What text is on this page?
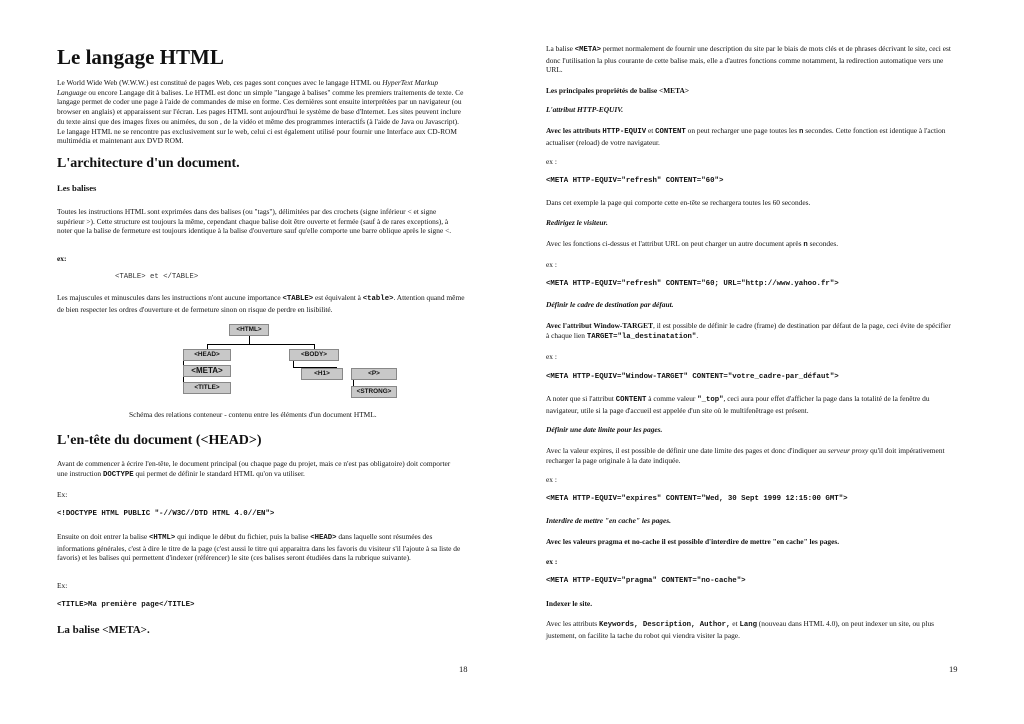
Le langage HTML

Le World Wide Web (W.W.W.) est constitué de pages Web, ces pages sont conçues avec le langage HTML ou HyperText Markup Language ou encore Langage dit à balises. Le HTML est donc un simple "langage à balises" comme les premiers traitements de texte. Ce langage permet de coder une page à l'aide de commandes de mise en forme. Ces dernières sont ensuite interprétées par un navigateur (ou browser en anglais) et apparaissent sur l'écran. Les pages HTML sont aujourd'hui le système de base d'Internet. Les sites peuvent inclure du texte ainsi que des images fixes ou animées, du son , de la vidéo et même des programmes interactifs (à l'aide de Java ou Javascript). Le langage HTML ne se rencontre pas exclusivement sur le web, celui ci est également utilisé pour fournir une Interface aux CD-ROM multimédia et maintenant aux DVD ROM.

L'architecture d'un document.
Les balises

Toutes les instructions HTML sont exprimées dans des balises (ou "tags"), délimitées par des crochets (signe inférieur < et signe supérieur >). Cette structure est toujours la même, cependant chaque balise doit être ouverte et fermée (sauf à de rares exceptions), à noter que la balise de fermeture est toujours identique à la balise d'ouverture sauf qu'elle comporte une barre oblique après le signe <.

ex:
<TABLE> et </TABLE>

Les majuscules et minuscules dans les instructions n'ont aucune importance <TABLE> est équivalent à <table>. Attention quand même de bien respecter les ordres d'ouverture et de fermeture sinon on risque de perdre en lisibilité.

<HTML>
<HEAD>	<BODY>
<META>
<TITLE>
<H1>	<P>
<STRONG>
Schéma des relations conteneur - contenu entre les éléments d'un document HTML.
L'en-tête du document (<HEAD>)

Avant de commencer à écrire l'en-tête, le document principal (ou chaque page du projet, mais ce n'est pas obligatoire) doit comporter une instruction DOCTYPE qui permet de définir le standard HTML qu'on va utiliser.

Ex:
<!DOCTYPE HTML PUBLIC "-//W3C//DTD HTML 4.0//EN">

Ensuite on doit entrer la balise <HTML> qui indique le début du fichier, puis la balise <HEAD> dans laquelle sont résumées des informations générales, c'est à dire le titre de la page (c'est aussi le titre qui apparaitra dans les favoris du visiteur s'il l'ajoute à sa liste de favoris) et les balises qui permettent d'indexer (référencer) le site (ces balises seront étudiées dans la rubrique suivante).

Ex:
<TITLE>Ma première page</TITLE>
La balise <META>.
18

La balise <META> permet normalement de fournir une description du site par le biais de mots clés et de phrases décrivant le site, ceci est donc l'utilisation la plus courante de cette balise mais, elle a d'autres fonctions comme notamment, la redirection automatique vers une URL.

Les principales propriétés de balise <META>
L'attribut HTTP-EQUIV.

Avec les attributs HTTP-EQUIV et CONTENT on peut recharger une page toutes les n secondes. Cette fonction est identique à l'action actualiser (reload) de votre navigateur.

ex :
<META HTTP-EQUIV="refresh" CONTENT="60">
Dans cet exemple la page qui comporte cette en-tête se rechargera toutes les 60 secondes.
Redirigez le visiteur.

Avec les fonctions ci-dessus et l'attribut URL on peut charger un autre document après n secondes.

ex :
<META HTTP-EQUIV="refresh" CONTENT="60; URL="http://www.yahoo.fr">
Définir le cadre de destination par défaut.

Avec l'attribut Window-TARGET, il est possible de définir le cadre (frame) de destination par défaut de la page, ceci évite de spécifier à chaque lien TARGET="la_destinatation".

ex :
<META HTTP-EQUIV="Window-TARGET" CONTENT="votre_cadre-par_défaut">

A noter que si l'attribut CONTENT à comme valeur "_top", ceci aura pour effet d'afficher la page dans la totalité de la fenêtre du navigateur, utile si la page d'accueil est appelée d'un site où le multifenêtrage est présent.

Définir une date limite pour les pages.

Avec la valeur expires, il est possible de définir une date limite des pages et donc d'indiquer au serveur proxy qu'il doit impérativement recharger la page originale à la date indiquée.

ex :
<META HTTP-EQUIV="expires" CONTENT="Wed, 30 Sept 1999 12:15:00 GMT">
Interdire de mettre "en cache" les pages.
Avec les valeurs pragma et no-cache il est possible d'interdire de mettre "en cache" les pages.
ex :
<META HTTP-EQUIV="pragma" CONTENT="no-cache">
Indexer le site.

Avec les attributs Keywords, Description, Author, et Lang (nouveau dans HTML 4.0), on peut indexer un site, ou plus justement, on facilite la tache du robot qui viendra visiter la page.

19
